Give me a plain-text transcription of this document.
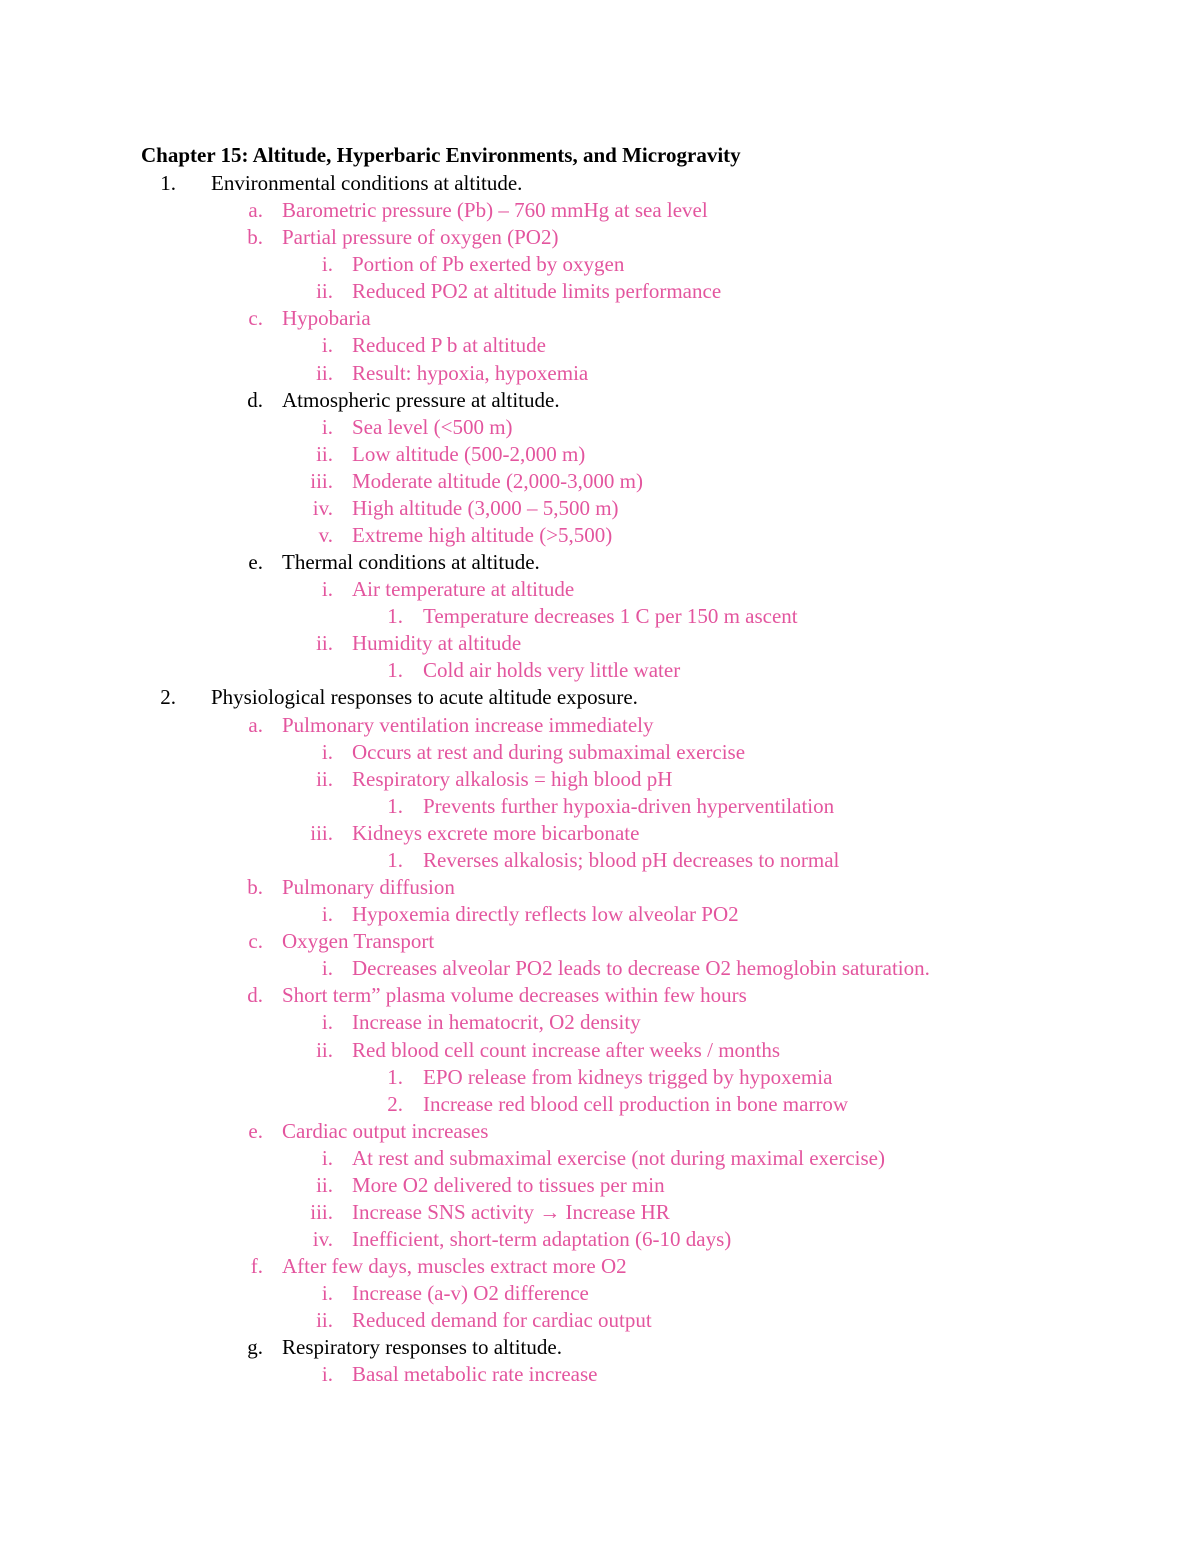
Chapter 15: Altitude, Hyperbaric Environments, and Microgravity
1. Environmental conditions at altitude.
a. Barometric pressure (Pb) – 760 mmHg at sea level
b. Partial pressure of oxygen (PO2)
i. Portion of Pb exerted by oxygen
ii. Reduced PO2 at altitude limits performance
c. Hypobaria
i. Reduced P b at altitude
ii. Result: hypoxia, hypoxemia
d. Atmospheric pressure at altitude.
i. Sea level (<500 m)
ii. Low altitude (500-2,000 m)
iii. Moderate altitude (2,000-3,000 m)
iv. High altitude (3,000 – 5,500 m)
v. Extreme high altitude (>5,500)
e. Thermal conditions at altitude.
i. Air temperature at altitude
1. Temperature decreases 1 C per 150 m ascent
ii. Humidity at altitude
1. Cold air holds very little water
2. Physiological responses to acute altitude exposure.
a. Pulmonary ventilation increase immediately
i. Occurs at rest and during submaximal exercise
ii. Respiratory alkalosis = high blood pH
1. Prevents further hypoxia-driven hyperventilation
iii. Kidneys excrete more bicarbonate
1. Reverses alkalosis; blood pH decreases to normal
b. Pulmonary diffusion
i. Hypoxemia directly reflects low alveolar PO2
c. Oxygen Transport
i. Decreases alveolar PO2 leads to decrease O2 hemoglobin saturation.
d. Short term” plasma volume decreases within few hours
i. Increase in hematocrit, O2 density
ii. Red blood cell count increase after weeks / months
1. EPO release from kidneys trigged by hypoxemia
2. Increase red blood cell production in bone marrow
e. Cardiac output increases
i. At rest and submaximal exercise (not during maximal exercise)
ii. More O2 delivered to tissues per min
iii. Increase SNS activity → Increase HR
iv. Inefficient, short-term adaptation (6-10 days)
f. After few days, muscles extract more O2
i. Increase (a-v) O2 difference
ii. Reduced demand for cardiac output
g. Respiratory responses to altitude.
i. Basal metabolic rate increase
